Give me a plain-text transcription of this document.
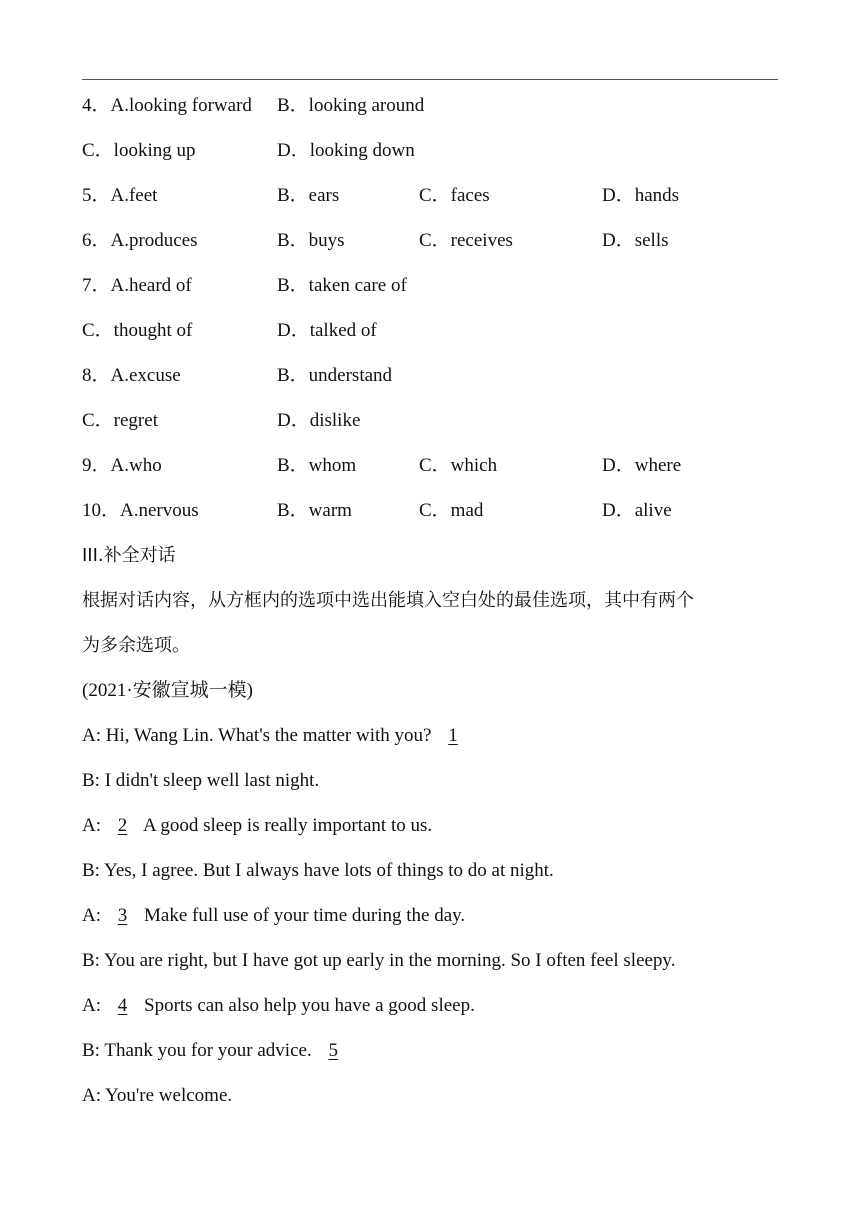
4．A.looking forward B．looking around
C．looking up	D．looking down
5．A.feet	B．ears	C．faces	D．hands
6．A.produces	B．buys	C．receives	D．sells
7．A.heard of	B．taken care of
C．thought of	D．talked of
8．A.excuse	B．understand
C．regret	D．dislike
9．A.who	B．whom	C．which	D．where
10．A.nervous	B．warm	C．mad	D．alive
III.补全对话
根据对话内容，从方框内的选项中选出能填入空白处的最佳选项，其中有两个
为多余选项。
(2021·安徽宣城一模)
A: Hi, Wang Lin. What's the matter with you? 1
B: I didn't sleep well last night.
A: 2 A good sleep is really important to us.
B: Yes, I agree. But I always have lots of things to do at night.
A: 3 Make full use of your time during the day.
B: You are right, but I have got up early in the morning. So I often feel sleepy.
A: 4 Sports can also help you have a good sleep.
B: Thank you for your advice. 5
A: You're welcome.
